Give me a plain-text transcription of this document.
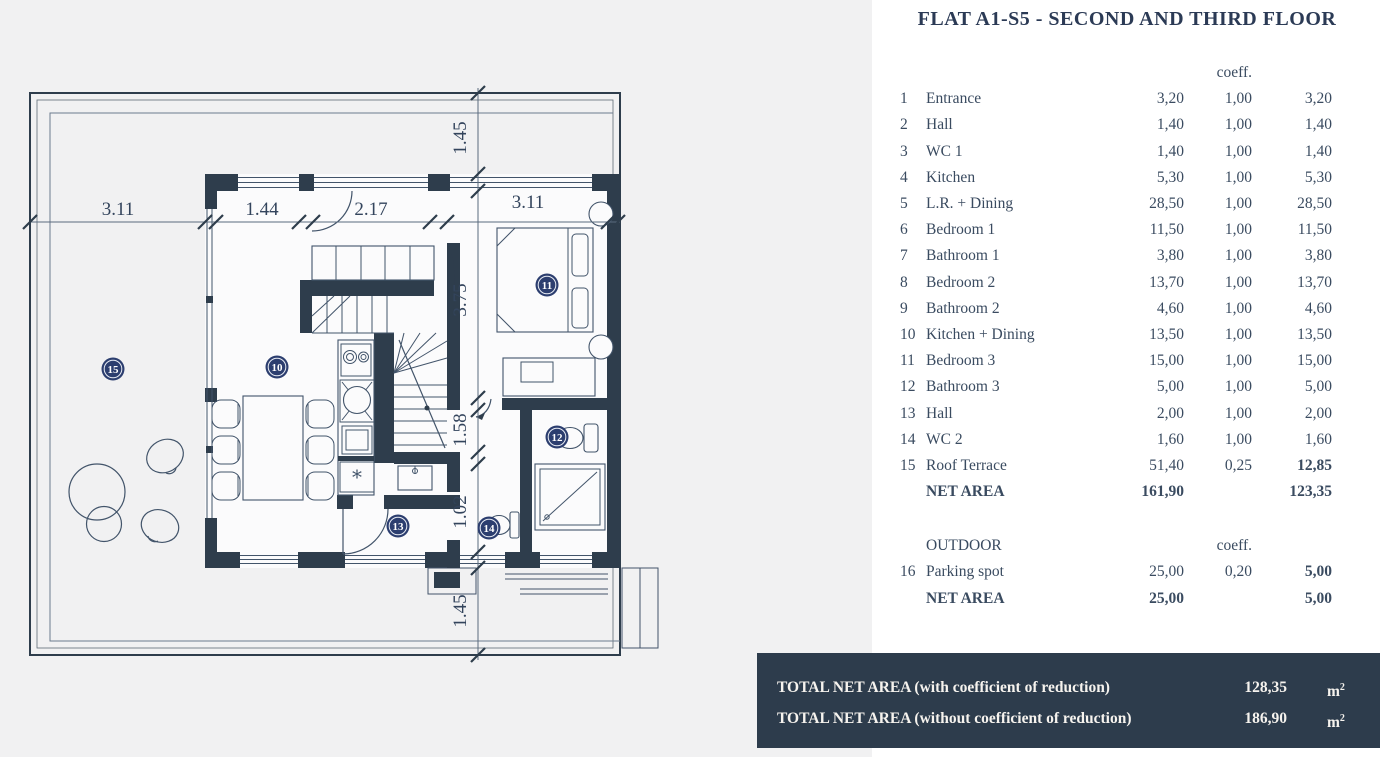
*
3.11	1.44	2.17	3.11
1.45
3.75
1.58
1.02
1.45
15	10
11
12
13	14
FLAT A1-S5 - SECOND AND THIRD FLOOR
coeff.
1	Entrance	3,20	1,00	3,20
2	Hall	1,40	1,00	1,40
3	WC 1	1,40	1,00	1,40
4	Kitchen	5,30	1,00	5,30
5	L.R. + Dining	28,50	1,00	28,50
6	Bedroom 1	11,50	1,00	11,50
7	Bathroom 1	3,80	1,00	3,80
8	Bedroom 2	13,70	1,00	13,70
9	Bathroom 2	4,60	1,00	4,60
10 Kitchen + Dining	13,50	1,00	13,50
11 Bedroom 3	15,00	1,00	15,00
12 Bathroom 3	5,00	1,00	5,00
13 Hall	2,00	1,00	2,00
14 WC 2	1,60	1,00	1,60
15 Roof Terrace	51,40	0,25	12,85
NET AREA	161,90	123,35
OUTDOOR	coeff.
16 Parking spot	25,00	0,20	5,00
NET AREA	25,00	5,00
TOTAL NET AREA (with coefficient of reduction)	128,35	$m^2$
TOTAL NET AREA (without coefficient of reduction)	186,90	$m^2$
